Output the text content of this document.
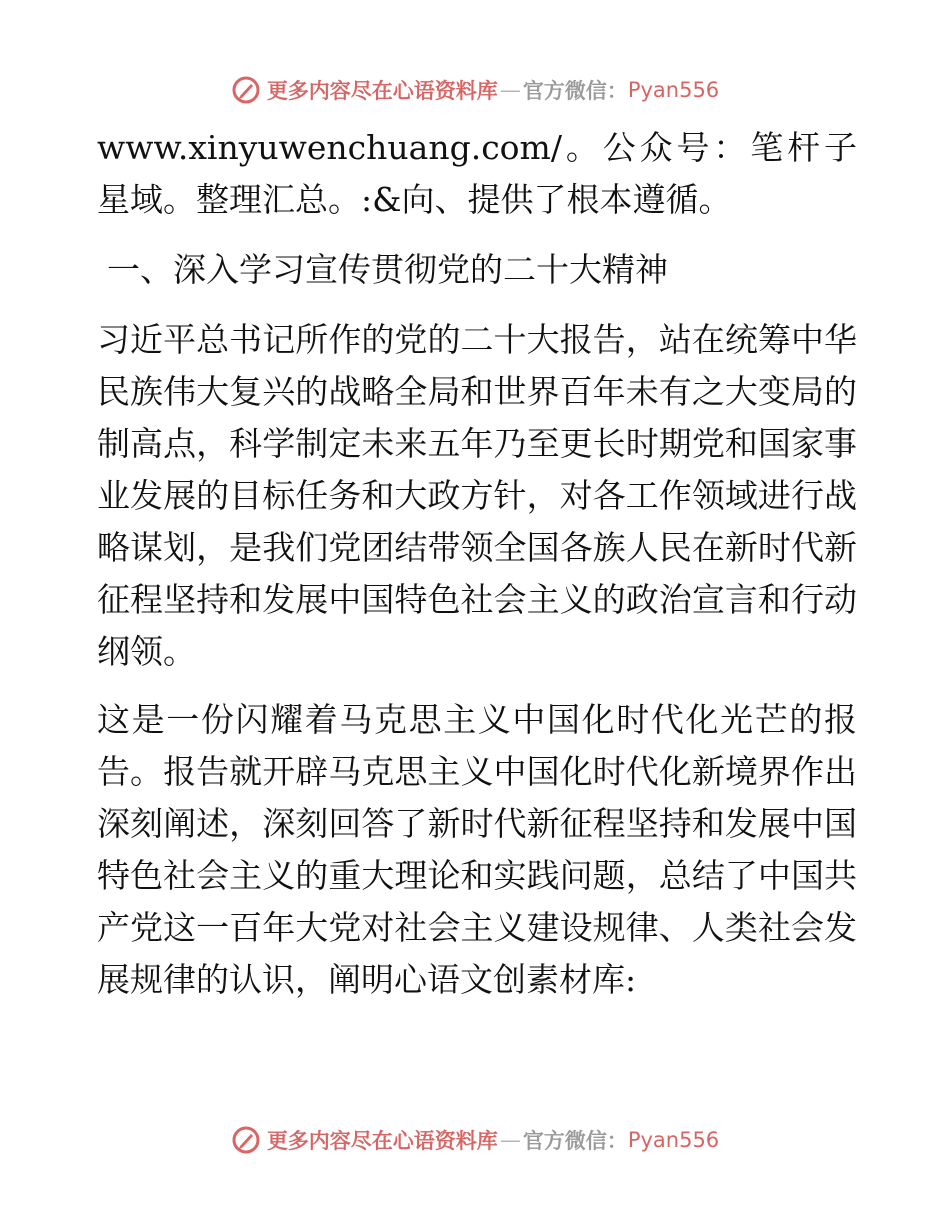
更多内容尽在心语资料库 — 官方微信： Pyan556

www.xinyuwenchuang.com/。公众号：笔杆子星域。整理汇总。:&向、提供了根本遵循。

一、深入学习宣传贯彻党的二十大精神

习近平总书记所作的党的二十大报告，站在统筹中华民族伟大复兴的战略全局和世界百年未有之大变局的制高点，科学制定未来五年乃至更长时期党和国家事业发展的目标任务和大政方针，对各工作领域进行战略谋划，是我们党团结带领全国各族人民在新时代新征程坚持和发展中国特色社会主义的政治宣言和行动纲领。

这是一份闪耀着马克思主义中国化时代化光芒的报告。报告就开辟马克思主义中国化时代化新境界作出深刻阐述，深刻回答了新时代新征程坚持和发展中国特色社会主义的重大理论和实践问题，总结了中国共产党这一百年大党对社会主义建设规律、人类社会发展规律的认识，阐明心语文创素材库:

更多内容尽在心语资料库 — 官方微信： Pyan556
